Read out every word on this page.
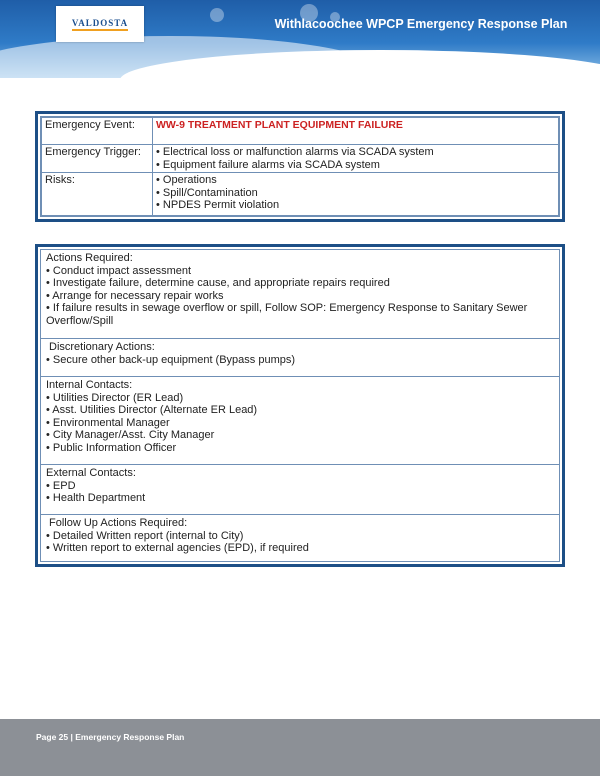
VALDOSTA	Withlacoochee WPCP Emergency Response Plan
Emergency Event:	WW-9 TREATMENT PLANT EQUIPMENT FAILURE
Emergency Trigger:	• Electrical loss or malfunction alarms via SCADA system
• Equipment failure alarms via SCADA system

Risks:	• Operations
• Spill/Contamination
• NPDES Permit violation
Actions Required:
• Conduct impact assessment
• Investigate failure, determine cause, and appropriate repairs required
• Arrange for necessary repair works
• If failure results in sewage overflow or spill, Follow SOP: Emergency Response to Sanitary Sewer Overflow/Spill
Discretionary Actions:
• Secure other back-up equipment (Bypass pumps)
Internal Contacts:
• Utilities Director (ER Lead)
• Asst. Utilities Director (Alternate ER Lead)
• Environmental Manager
• City Manager/Asst. City Manager
• Public Information Officer
External Contacts:
• EPD
• Health Department
Follow Up Actions Required:
• Detailed Written report (internal to City)
• Written report to external agencies (EPD), if required
Page 25 | Emergency Response Plan
